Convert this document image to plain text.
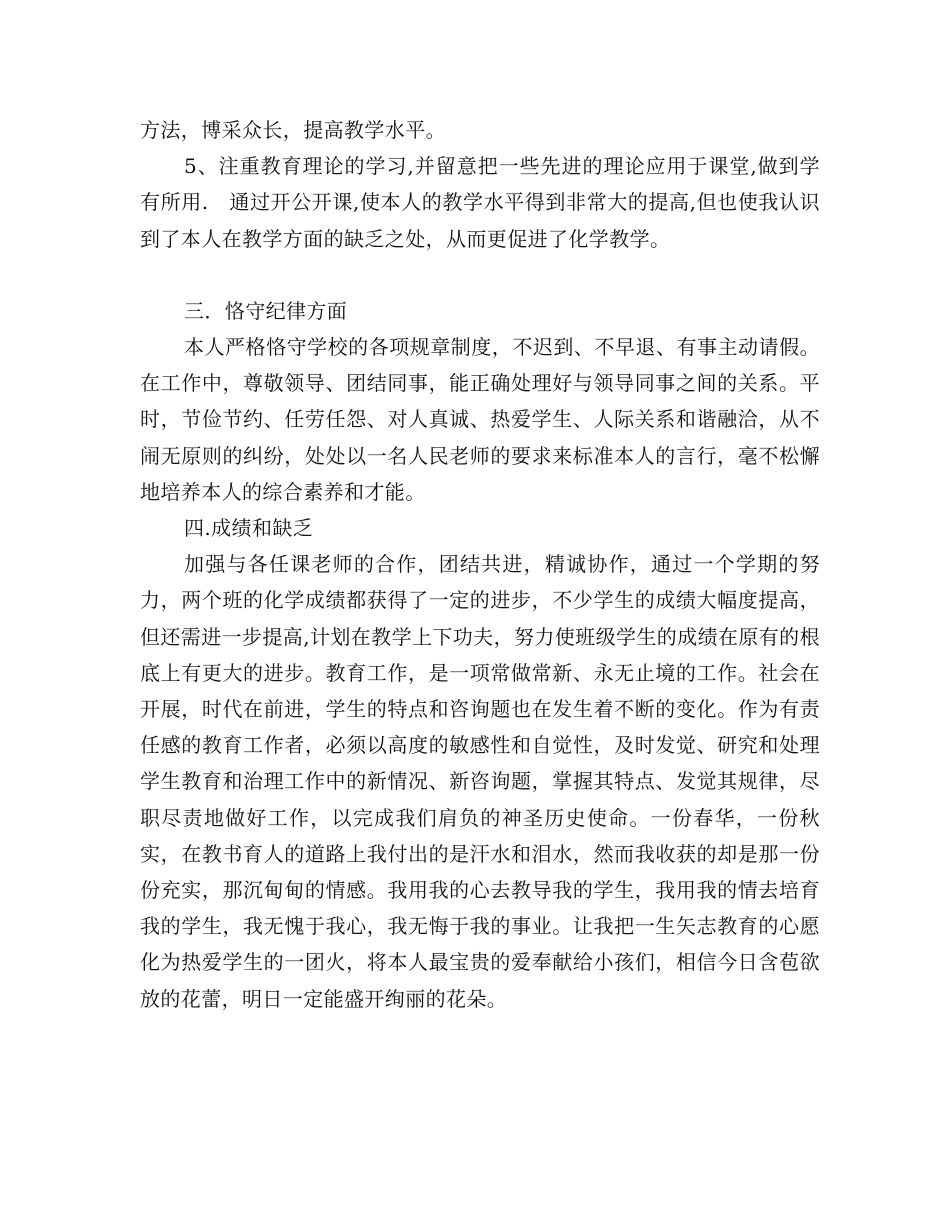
方法，博采众长，提高教学水平。

5、注重教育理论的学习,并留意把一些先进的理论应用于课堂,做到学有所用.　通过开公开课,使本人的教学水平得到非常大的提高,但也使我认识到了本人在教学方面的缺乏之处，从而更促进了化学教学。

三．恪守纪律方面

本人严格恪守学校的各项规章制度，不迟到、不早退、有事主动请假。在工作中，尊敬领导、团结同事，能正确处理好与领导同事之间的关系。平时，节俭节约、任劳任怨、对人真诚、热爱学生、人际关系和谐融洽，从不闹无原则的纠纷，处处以一名人民老师的要求来标准本人的言行，毫不松懈地培养本人的综合素养和才能。

四.成绩和缺乏

加强与各任课老师的合作，团结共进，精诚协作，通过一个学期的努力，两个班的化学成绩都获得了一定的进步，不少学生的成绩大幅度提高，但还需进一步提高,计划在教学上下功夫，努力使班级学生的成绩在原有的根底上有更大的进步。教育工作，是一项常做常新、永无止境的工作。社会在开展，时代在前进，学生的特点和咨询题也在发生着不断的变化。作为有责任感的教育工作者，必须以高度的敏感性和自觉性，及时发觉、研究和处理学生教育和治理工作中的新情况、新咨询题，掌握其特点、发觉其规律，尽职尽责地做好工作，以完成我们肩负的神圣历史使命。一份春华，一份秋实，在教书育人的道路上我付出的是汗水和泪水，然而我收获的却是那一份份充实，那沉甸甸的情感。我用我的心去教导我的学生，我用我的情去培育我的学生，我无愧于我心，我无悔于我的事业。让我把一生矢志教育的心愿化为热爱学生的一团火，将本人最宝贵的爱奉献给小孩们，相信今日含苞欲放的花蕾，明日一定能盛开绚丽的花朵。
